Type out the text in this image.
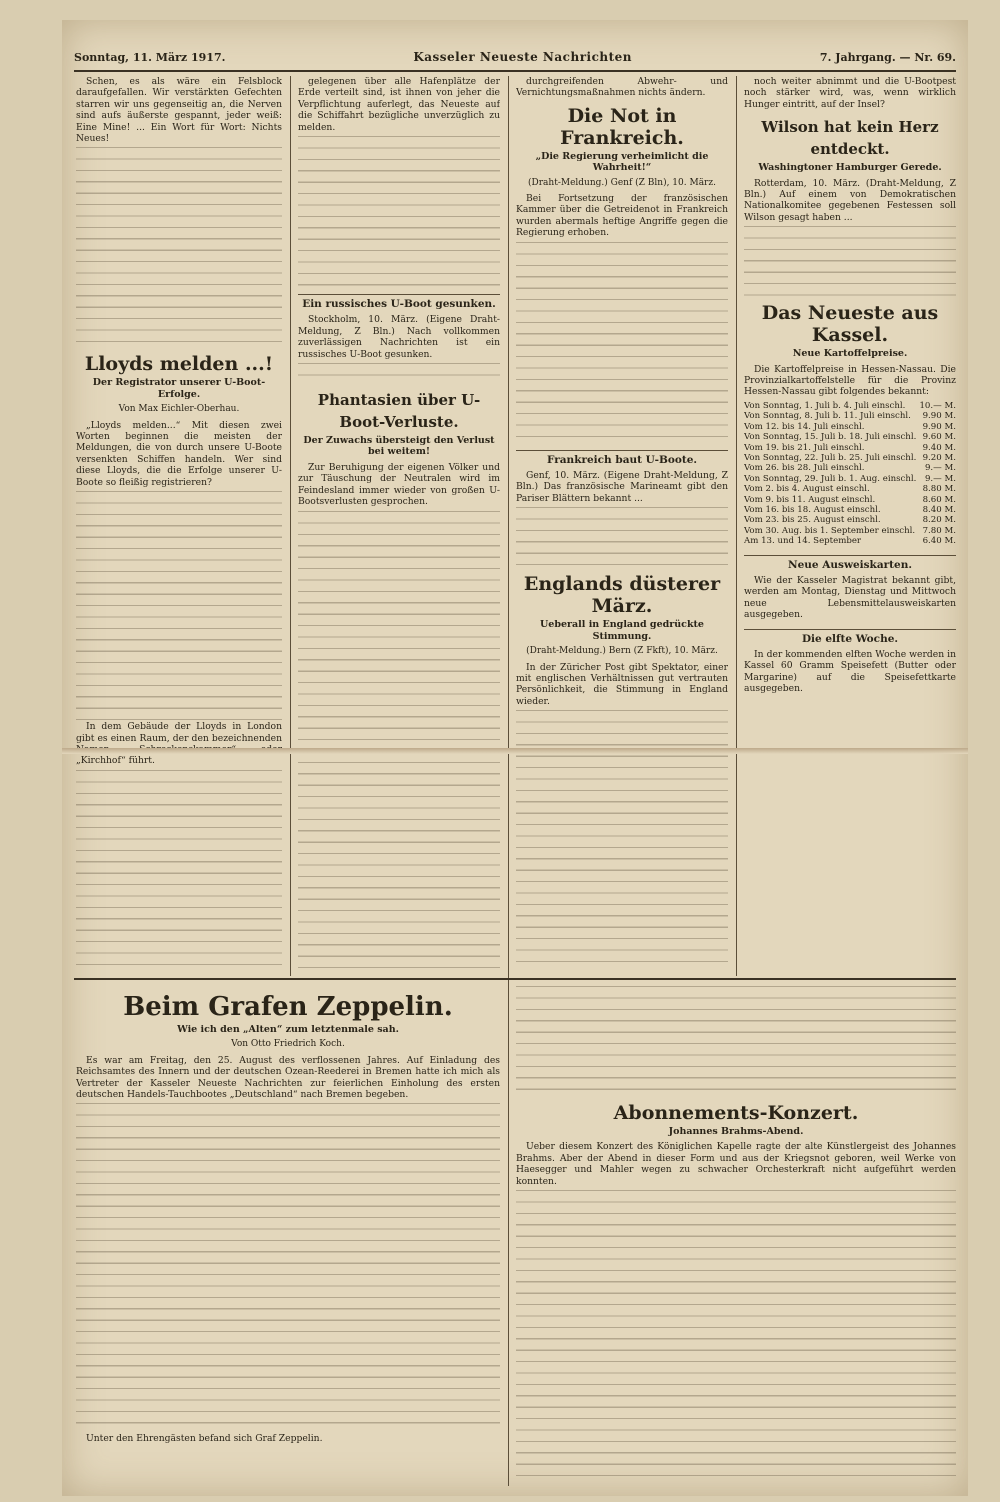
Sonntag, 11. März 1917.	Kasseler Neueste Nachrichten	7. Jahrgang. — Nr. 69.

Schen, es als wäre ein Felsblock daraufgefallen. Wir verstärkten Gefechten starren wir uns gegenseitig an, die Nerven sind aufs äußerste gespannt, jeder weiß: Eine Mine! ... Ein Wort für Wort: Nichts Neues!

Lloyds melden ...!
Der Registrator unserer U-Boot-Erfolge.
Von Max Eichler-Oberhau.

„Lloyds melden...“ Mit diesen zwei Worten beginnen die meisten der Meldungen, die von durch unsere U-Boote versenkten Schiffen handeln. Wer sind diese Lloyds, die die Erfolge unserer U-Boote so fleißig registrieren?

In dem Gebäude der Lloyds in London gibt es einen Raum, der den bezeichnenden „Kirchhof“ führt.

gelegenen über alle Hafenplätze der Erde verteilt sind, ist ihnen von jeher die Verpflichtung auferlegt, das Neueste auf die Schiffahrt bezügliche unverzüglich zu melden.

Ein russisches U-Boot gesunken.

Stockholm, 10. März. (Eigene Draht-Meldung, Z Bln.) Nach vollkommen zuverlässigen Nachrichten ist ein russisches U-Boot gesunken.

Phantasien über U-Boot-Verluste.
Der Zuwachs übersteigt den Verlust bei weitem!

Zur Beruhigung der eigenen Völker und zur Täuschung der Neutralen wird im Feindesland immer wieder von großen U-Bootsverlusten gesprochen.

durchgreifenden Abwehr- und Vernichtungsmaßnahmen nichts ändern.

Die Not in Frankreich.
„Die Regierung verheimlicht die Wahrheit!“
(Draht-Meldung.) Genf (Z Bln), 10. März.

Bei Fortsetzung der französischen Kammer über die Getreidenot in Frankreich wurden abermals heftige Angriffe gegen die Regierung erhoben.

Frankreich baut U-Boote.

Genf, 10. März. (Eigene Draht-Meldung, Z Bln.) Das französische Marineamt gibt den Pariser Blättern bekannt ...

Englands düsterer März.
Ueberall in England gedrückte Stimmung.
(Draht-Meldung.) Bern (Z Fkft), 10. März.

In der Züricher Post gibt Spektator, einer mit englischen Verhältnissen gut vertrauten Persönlichkeit, die Stimmung in England wieder.

noch weiter abnimmt und die U-Bootpest noch stärker wird, was, wenn wirklich Hunger eintritt, auf der Insel?

Wilson hat kein Herz entdeckt.
Washingtoner Hamburger Gerede.

Rotterdam, 10. März. (Draht-Meldung, Z Bln.) Auf einem von Demokratischen Nationalkomitee gegebenen Festessen soll Wilson gesagt haben ...

Das Neueste aus Kassel.
Neue Kartoffelpreise.

Die Kartoffelpreise in Hessen-Nassau. Die Provinzialkartoffelstelle für die Provinz Hessen-Nassau gibt folgendes bekannt:

Von Sonntag, 1. Juli b. 4. Juli einschl.	10.— M.
Von Sonntag, 8. Juli b. 11. Juli einschl.	9.90 M.
Vom 12. bis 14. Juli einschl.	9.90 M.
Von Sonntag, 15. Juli b. 18. Juli einschl.	9.60 M.
Vom 19. bis 21. Juli einschl.	9.40 M.
Von Sonntag, 22. Juli b. 25. Juli einschl.	9.20 M.
Vom 26. bis 28. Juli einschl.	9.— M.
Von Sonntag, 29. Juli b. 1. Aug. einschl.	9.— M.
Vom 2. bis 4. August einschl.	8.80 M.
Vom 9. bis 11. August einschl.	8.60 M.
Vom 16. bis 18. August einschl.	8.40 M.
Vom 23. bis 25. August einschl.	8.20 M.
Vom 30. Aug. bis 1. September einschl.	7.80 M.
Am 13. und 14. September	6.40 M.
Neue Ausweiskarten.

Wie der Kasseler Magistrat bekannt gibt, werden am Montag, Dienstag und Mittwoch neue Lebensmittelausweiskarten ausgegeben.

Die elfte Woche.

In der kommenden elften Woche werden in Kassel 60 Gramm Speisefett (Butter oder Margarine) auf die Speisefettkarte ausgegeben.

Beim Grafen Zeppelin.
Wie ich den „Alten“ zum letztenmale sah.
Von Otto Friedrich Koch.

Es war am Freitag, den 25. August des verflossenen Jahres. Auf Einladung des Reichsamtes des Innern und der deutschen Ozean-Reederei in Bremen hatte ich mich als Vertreter der Kasseler Neueste Nachrichten zur feierlichen Einholung des ersten deutschen Handels-Tauchbootes „Deutschland“ nach Bremen begeben.

Unter den Ehrengästen befand sich Graf Zeppelin.

Abonnements-Konzert.
Johannes Brahms-Abend.

Ueber diesem Konzert des Königlichen Kapelle ragte der alte Künstlergeist des Johannes Brahms. Aber der Abend in dieser Form und aus der Kriegsnot geboren, weil Werke von Haesegger und Mahler wegen zu schwacher Orchesterkraft nicht aufgeführt werden konnten.
